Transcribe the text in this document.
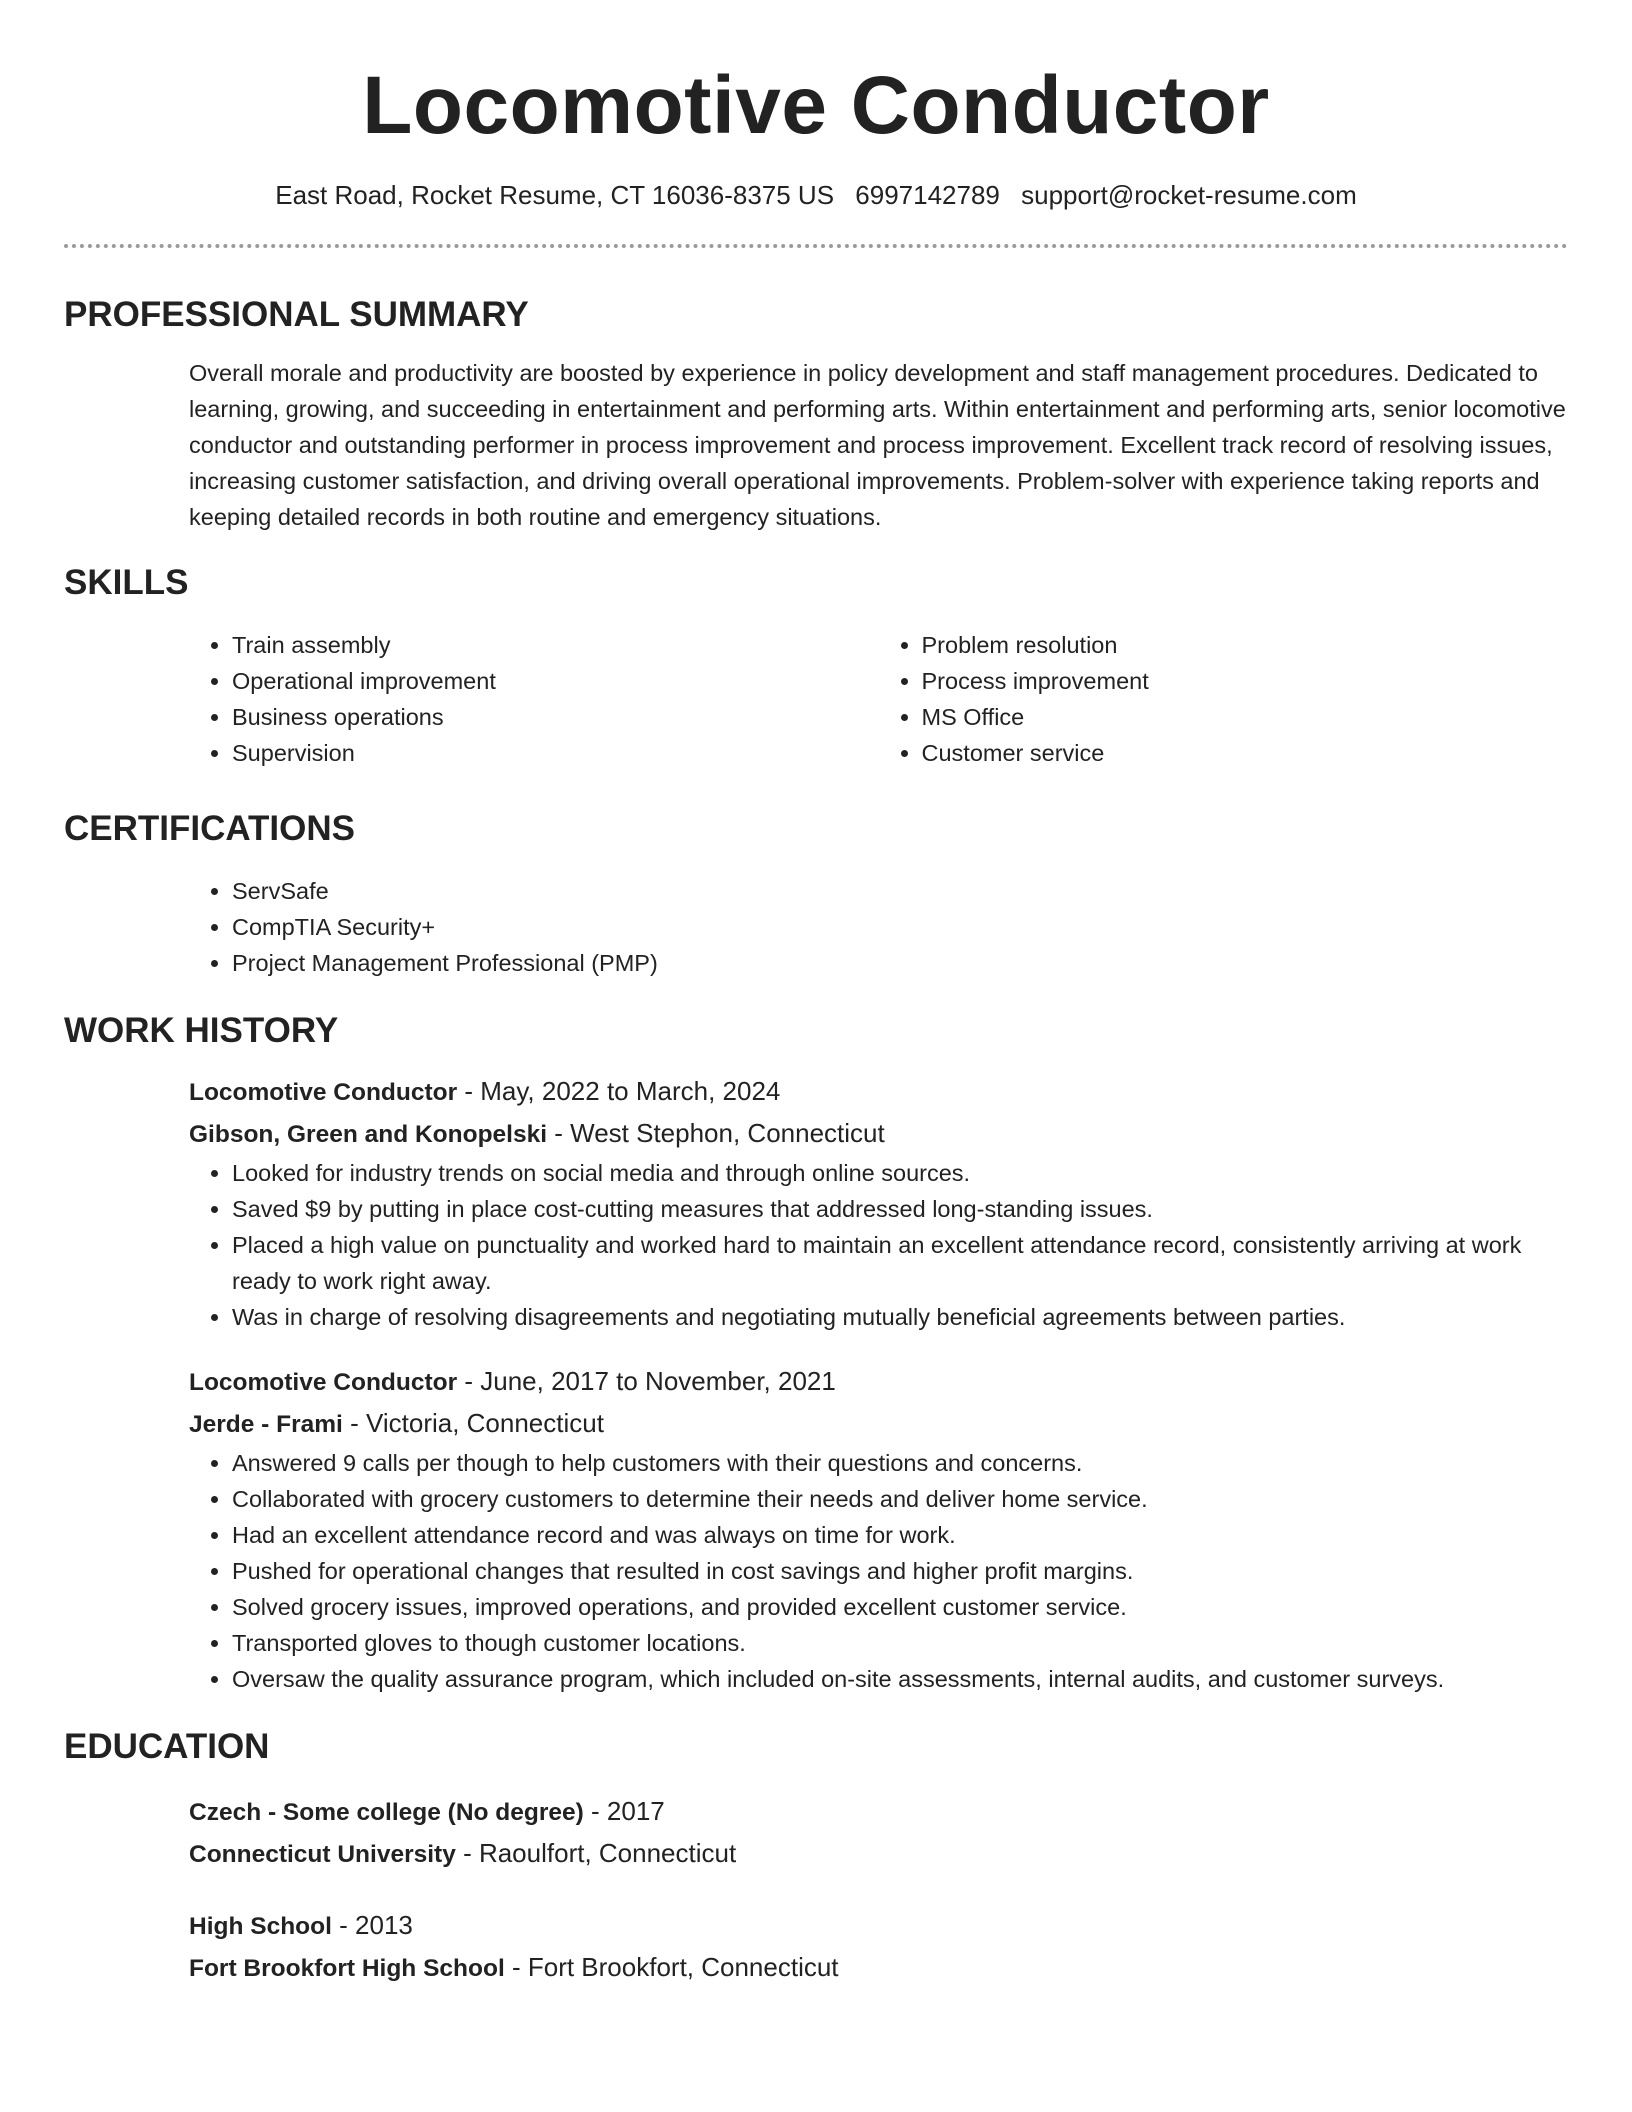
Locomotive Conductor
East Road, Rocket Resume, CT 16036-8375 US 6997142789 support@rocket-resume.com
PROFESSIONAL SUMMARY

Overall morale and productivity are boosted by experience in policy development and staff management procedures. Dedicated to learning, growing, and succeeding in entertainment and performing arts. Within entertainment and performing arts, senior locomotive conductor and outstanding performer in process improvement and process improvement. Excellent track record of resolving issues, increasing customer satisfaction, and driving overall operational improvements. Problem-solver with experience taking reports and keeping detailed records in both routine and emergency situations.

SKILLS
• Train assembly
• Operational improvement
• Business operations
• Supervision
• Problem resolution
• Process improvement
• MS Office
• Customer service
CERTIFICATIONS
• ServSafe
• CompTIA Security+
• Project Management Professional (PMP)
WORK HISTORY
Locomotive Conductor - May, 2022 to March, 2024
Gibson, Green and Konopelski - West Stephon, Connecticut
• Looked for industry trends on social media and through online sources.
• Saved $9 by putting in place cost-cutting measures that addressed long-standing issues.
• Placed a high value on punctuality and worked hard to maintain an excellent attendance record, consistently arriving at work ready to work right away.
• Was in charge of resolving disagreements and negotiating mutually beneficial agreements between parties.
Locomotive Conductor - June, 2017 to November, 2021
Jerde - Frami - Victoria, Connecticut
• Answered 9 calls per though to help customers with their questions and concerns.
• Collaborated with grocery customers to determine their needs and deliver home service.
• Had an excellent attendance record and was always on time for work.
• Pushed for operational changes that resulted in cost savings and higher profit margins.
• Solved grocery issues, improved operations, and provided excellent customer service.
• Transported gloves to though customer locations.
• Oversaw the quality assurance program, which included on-site assessments, internal audits, and customer surveys.
EDUCATION
Czech - Some college (No degree) - 2017
Connecticut University - Raoulfort, Connecticut
High School - 2013
Fort Brookfort High School - Fort Brookfort, Connecticut
